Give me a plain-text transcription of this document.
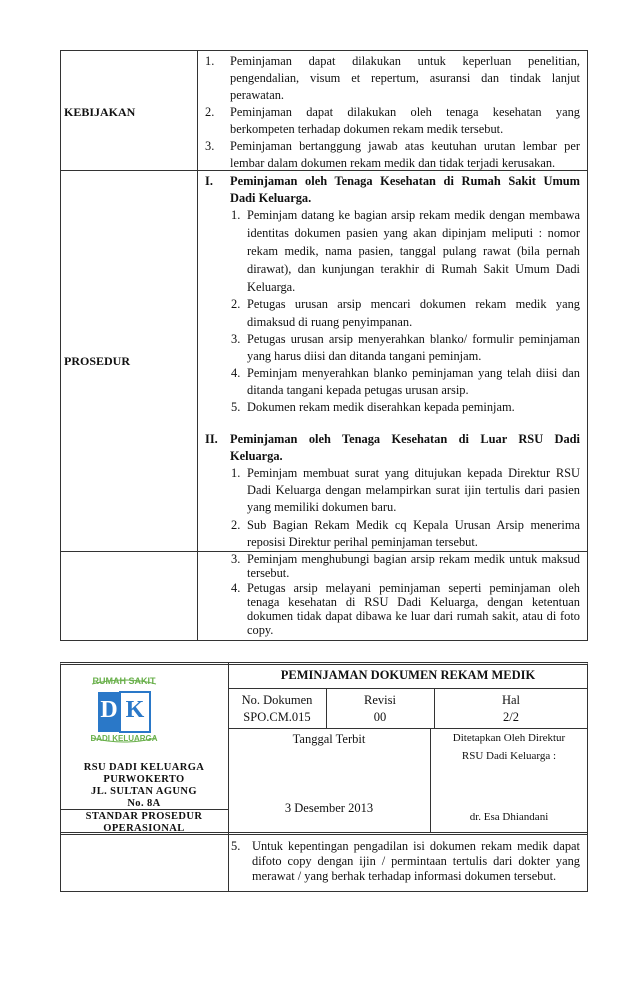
KEBIJAKAN
1. Peminjaman dapat dilakukan untuk keperluan penelitian,
pengendalian, visum et repertum, asuransi dan tindak lanjut
perawatan.
2. Peminjaman dapat dilakukan oleh tenaga kesehatan yang
berkompeten terhadap dokumen rekam medik tersebut.
3. Peminjaman bertanggung jawab atas keutuhan urutan lembar per
lembar dalam dokumen rekam medik dan tidak terjadi kerusakan.
PROSEDUR
I. Peminjaman oleh Tenaga Kesehatan di Rumah Sakit Umum
Dadi Keluarga.
1. Peminjam datang ke bagian arsip rekam medik dengan membawa
identitas dokumen pasien yang akan dipinjam meliputi : nomor
rekam medik, nama pasien, tanggal pulang rawat (bila pernah
dirawat), dan kunjungan terakhir di Rumah Sakit Umum Dadi
Keluarga.
2. Petugas urusan arsip mencari dokumen rekam medik yang
dimaksud di ruang penyimpanan.
3. Petugas urusan arsip menyerahkan blanko/ formulir peminjaman
yang harus diisi dan ditanda tangani peminjam.
4. Peminjam menyerahkan blanko peminjaman yang telah diisi dan
ditanda tangani kepada petugas urusan arsip.
5. Dokumen rekam medik diserahkan kepada peminjam.
II. Peminjaman oleh Tenaga Kesehatan di Luar RSU Dadi
Keluarga.
1. Peminjam membuat surat yang ditujukan kepada Direktur RSU
Dadi Keluarga dengan melampirkan surat ijin tertulis dari pasien
yang memiliki dokumen baru.
2. Sub Bagian Rekam Medik cq Kepala Urusan Arsip menerima
reposisi Direktur perihal peminjaman tersebut.
3. Peminjam menghubungi bagian arsip rekam medik untuk maksud
tersebut.
4. Petugas arsip melayani peminjaman seperti peminjaman oleh
tenaga kesehatan di RSU Dadi Keluarga, dengan ketentuan
dokumen tidak dapat dibawa ke luar dari rumah sakit, atau di foto
copy.
RUMAH SAKIT
D K
DADI KELUARGA
RSU DADI KELUARGA
PURWOKERTO
JL. SULTAN AGUNG
No. 8A
STANDAR PROSEDUR
OPERASIONAL
PEMINJAMAN DOKUMEN REKAM MEDIK
No. Dokumen
SPO.CM.015
Revisi
00
Hal
2/2
Tanggal Terbit
3 Desember 2013
Ditetapkan Oleh Direktur
RSU Dadi Keluarga :
dr. Esa Dhiandani
5. Untuk kepentingan pengadilan isi dokumen rekam medik dapat
difoto copy dengan ijin / permintaan tertulis dari dokter yang
merawat / yang berhak terhadap informasi dokumen tersebut.
